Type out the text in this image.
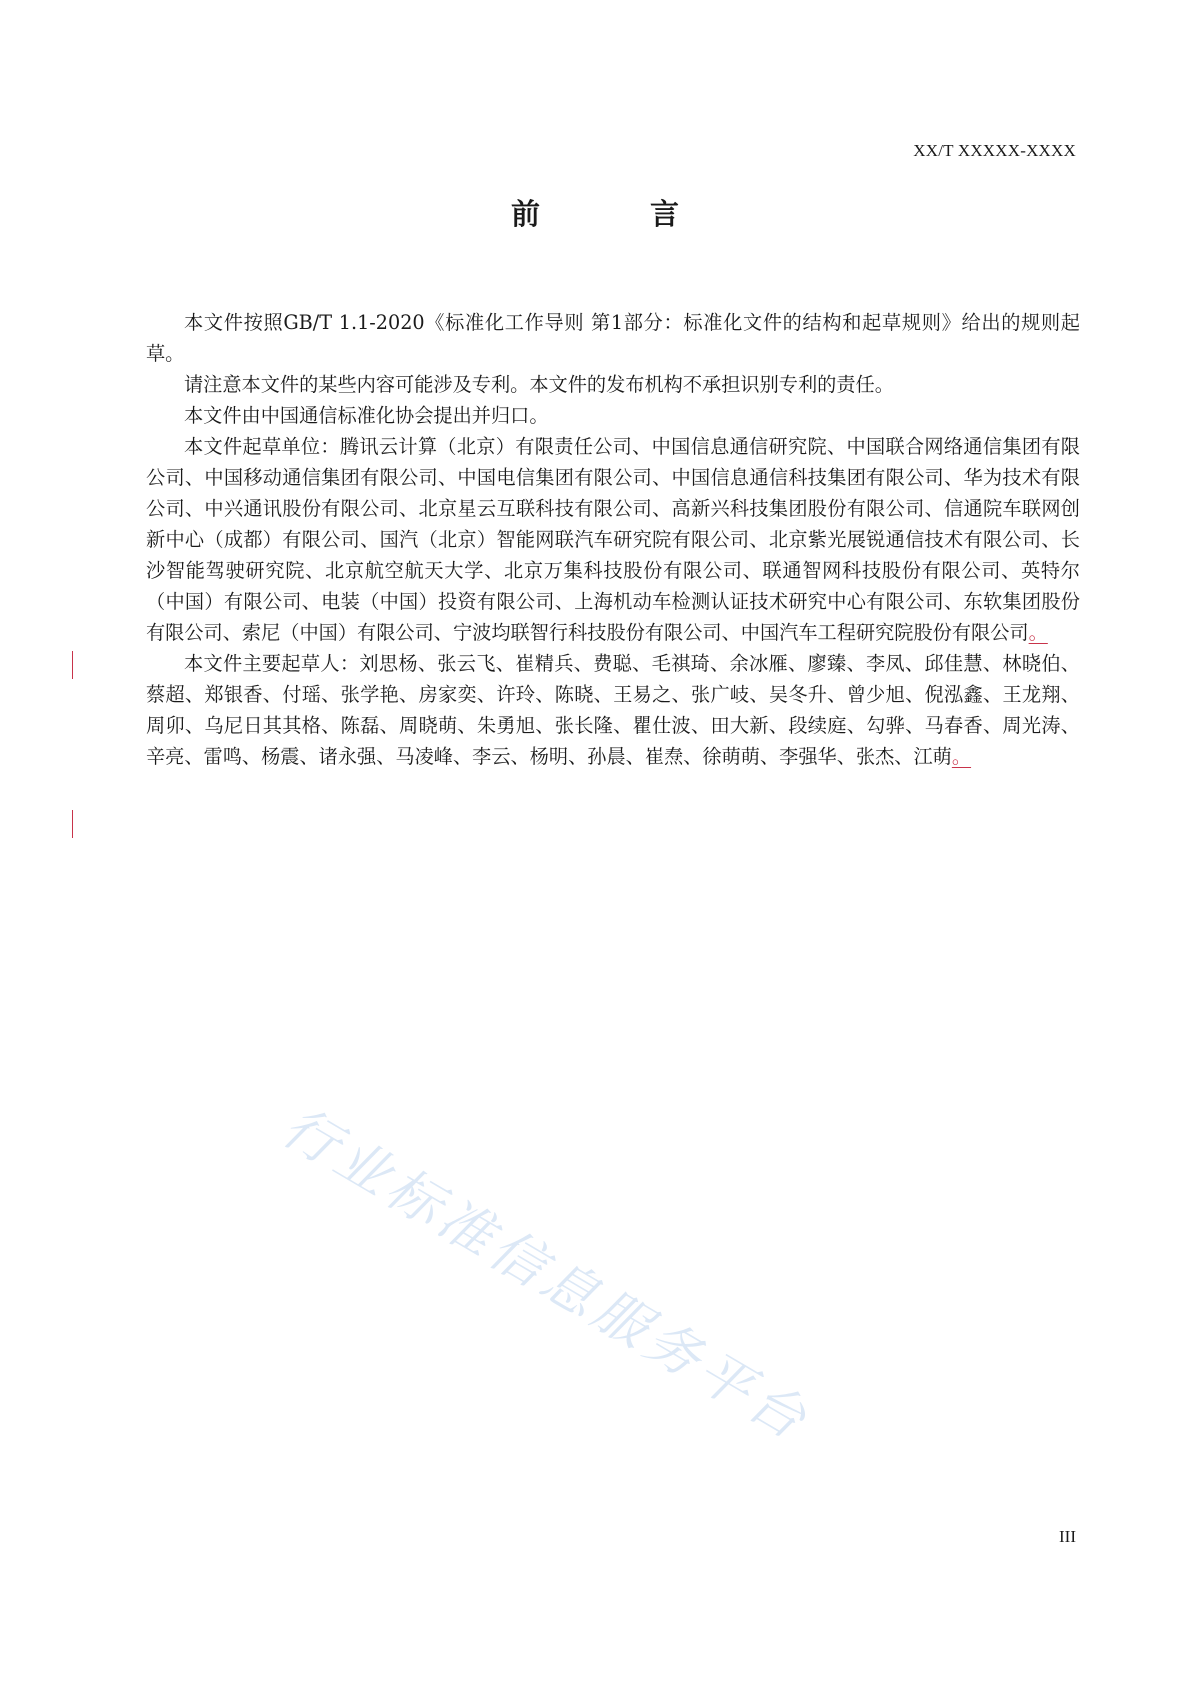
XX/T XXXXX-XXXX
前 言

本文件按照GB/T 1.1-2020《标准化工作导则 第1部分：标准化文件的结构和起草规则》给出的规则起草。

请注意本文件的某些内容可能涉及专利。本文件的发布机构不承担识别专利的责任。

本文件由中国通信标准化协会提出并归口。

本文件起草单位：腾讯云计算（北京）有限责任公司、中国信息通信研究院、中国联合网络通信集团有限公司、中国移动通信集团有限公司、中国电信集团有限公司、中国信息通信科技集团有限公司、华为技术有限公司、中兴通讯股份有限公司、北京星云互联科技有限公司、高新兴科技集团股份有限公司、信通院车联网创新中心（成都）有限公司、国汽（北京）智能网联汽车研究院有限公司、北京紫光展锐通信技术有限公司、长沙智能驾驶研究院、北京航空航天大学、北京万集科技股份有限公司、联通智网科技股份有限公司、英特尔（中国）有限公司、电装（中国）投资有限公司、上海机动车检测认证技术研究中心有限公司、东软集团股份有限公司、索尼（中国）有限公司、宁波均联智行科技股份有限公司、中国汽车工程研究院股份有限公司。

本文件主要起草人：刘思杨、张云飞、崔精兵、费聪、毛祺琦、余冰雁、廖臻、李凤、邱佳慧、林晓伯、蔡超、郑银香、付瑶、张学艳、房家奕、许玲、陈晓、王易之、张广岐、吴冬升、曾少旭、倪泓鑫、王龙翔、周卯、乌尼日其其格、陈磊、周晓萌、朱勇旭、张长隆、瞿仕波、田大新、段续庭、勾骅、马春香、周光涛、辛亮、雷鸣、杨震、诸永强、马凌峰、李云、杨明、孙晨、崔焘、徐萌萌、李强华、张杰、江萌。

行业标准信息服务平台
III
